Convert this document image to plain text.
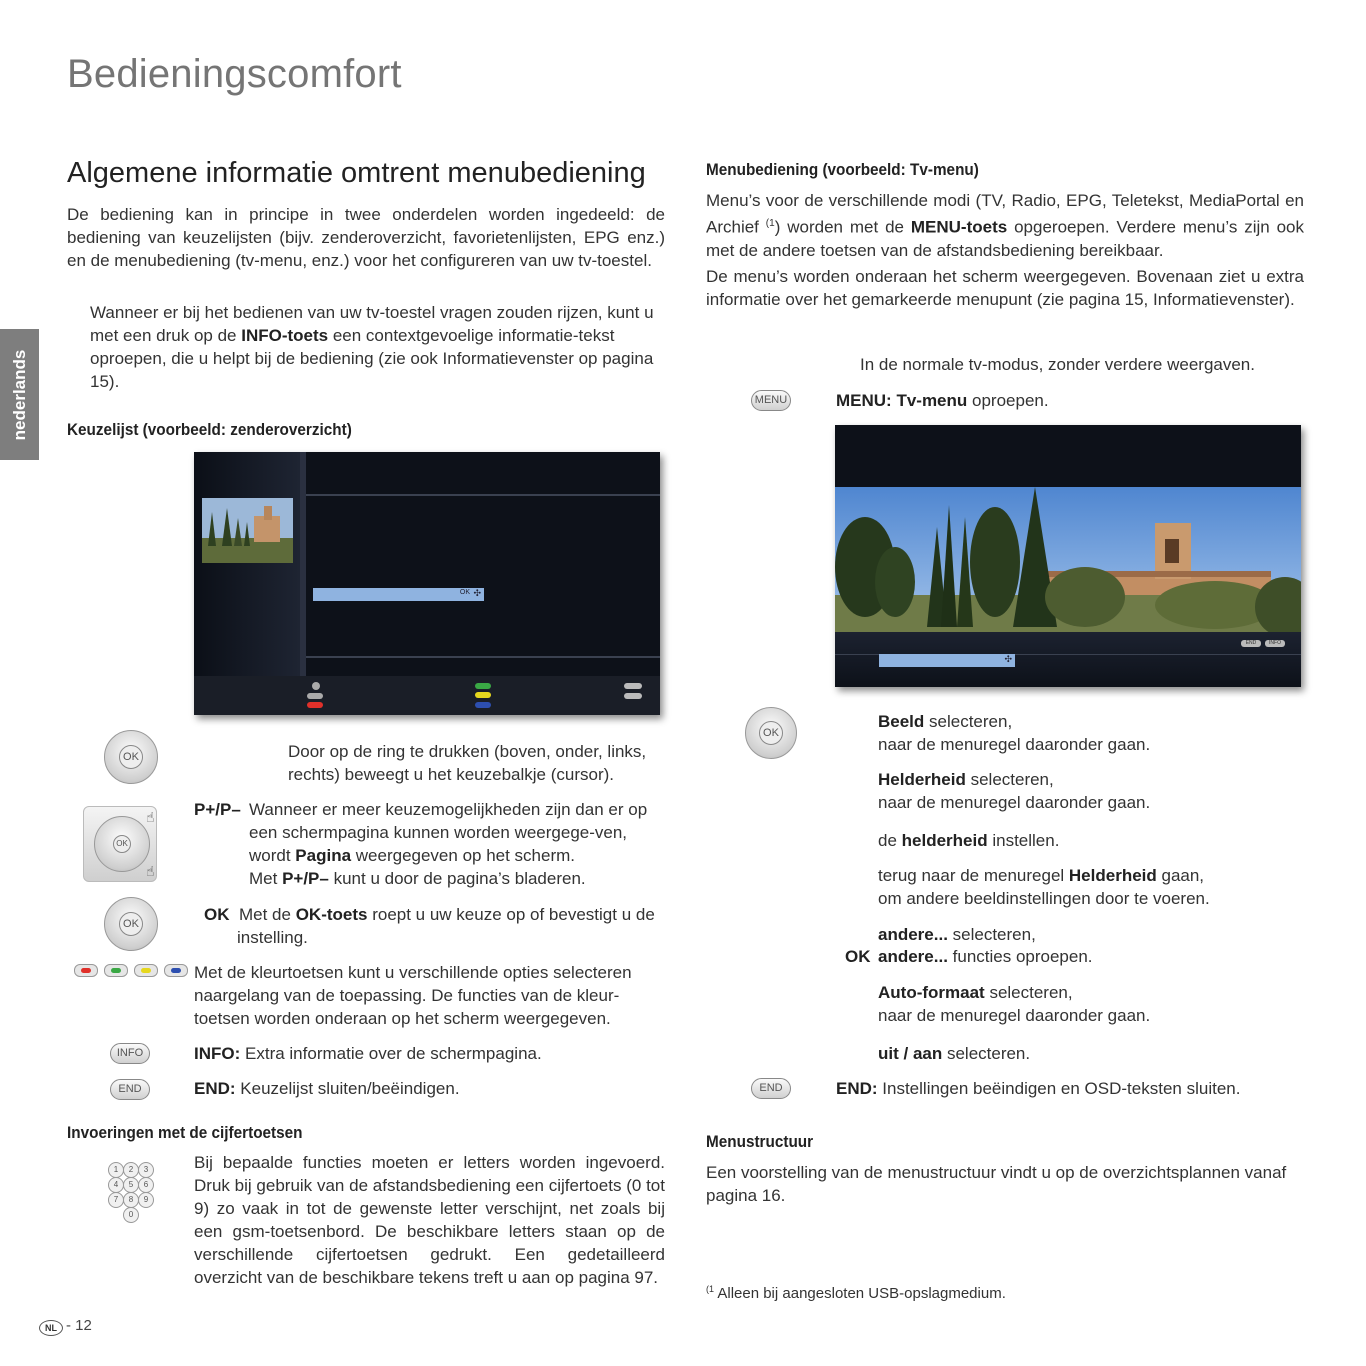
Bedieningscomfort
nederlands
Algemene informatie omtrent menubediening

De bediening kan in principe in twee onderdelen worden ingedeeld: de bediening van keuzelijsten (bijv. zenderoverzicht, favorietenlijsten, EPG enz.) en de menubediening (tv-menu, enz.) voor het configureren van uw tv-toestel.

Wanneer er bij het bedienen van uw tv-toestel vragen zouden rijzen, kunt u met een druk op de INFO-toets een contextgevoelige informatie-tekst oproepen, die u helpt bij de bediening (zie ook Informatievenster op pagina 15).

Keuzelijst (voorbeeld: zenderoverzicht)
OK ✣
OK	Door op de ring te drukken (boven, onder, links, rechts) beweegt u het keuzebalkje (cursor).

OK
☝
☝
P+/P– Wanneer er meer keuzemogelijkheden zijn dan er op een schermpagina kunnen worden weergege-ven, wordt Pagina weergegeven op het scherm.
Met P+/P– kunt u door de pagina’s bladeren.

OK	OK Met de OK-toets roept u uw keuze op of bevestigt u de instelling.

Met de kleurtoetsen kunt u verschillende opties selecteren naargelang van de toepassing. De functies van de kleur-toetsen worden onderaan op het scherm weergegeven.

INFO	INFO: Extra informatie over de schermpagina.

END	END: Keuzelijst sluiten/beëindigen.

Invoeringen met de cijfertoetsen
1	2	3
4	5	6
7	8	9
0

Bij bepaalde functies moeten er letters worden ingevoerd. Druk bij gebruik van de afstandsbediening een cijfertoets (0 tot 9) zo vaak in tot de gewenste letter verschijnt, net zoals bij een gsm-toetsenbord. De beschikbare letters staan op de verschillende cijfertoetsen gedrukt. Een gedetailleerd overzicht van de beschikbare tekens treft u aan op pagina 97.

NL - 12
Menubediening (voorbeeld: Tv-menu)

Menu’s voor de verschillende modi (TV, Radio, EPG, Teletekst, MediaPortal en Archief $^{(1}$) worden met de MENU-toets opgeroepen. Verdere menu’s zijn ook met de andere toetsen van de afstandsbediening bereikbaar.

De menu’s worden onderaan het scherm weergegeven. Bovenaan ziet u extra informatie over het gemarkeerde menupunt (zie pagina 15, Informatievenster).

In de normale tv-modus, zonder verdere weergaven.

MENU	MENU: Tv-menu oproepen.

END	INFO
✣
OK

Beeld selecteren,
naar de menuregel daaronder gaan.

Helderheid selecteren,
naar de menuregel daaronder gaan.

de helderheid instellen.

terug naar de menuregel Helderheid gaan,
om andere beeldinstellingen door te voeren.

andere... selecteren,

OK andere... functies oproepen.

Auto-formaat selecteren,
naar de menuregel daaronder gaan.

uit / aan selecteren.

END	END: Instellingen beëindigen en OSD-teksten sluiten.

Menustructuur

Een voorstelling van de menustructuur vindt u op de overzichtsplannen vanaf pagina 16.

$^{(1}$ Alleen bij aangesloten USB-opslagmedium.
